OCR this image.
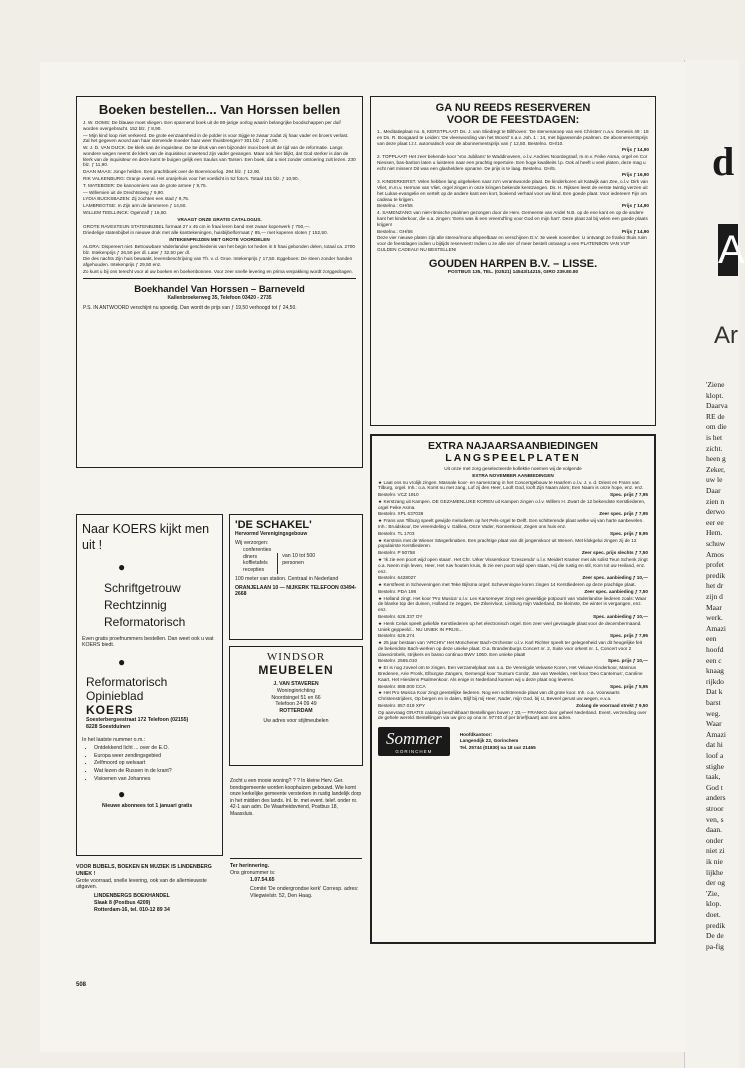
d
A
Ar
'Ziene
klopt.
Daarva
RE de
om die
is het
zicht.
heen g
Zeker,
uw le
Daar
zien n
derwo
eer ee
Hem.
schuw
Amos
profet
predik
het dr
zijn d
Maar
werk.
Amazi
een
hoofd
een c
knaag
rijkdo
Dat k
barst
weg.
Waar
Amazi
dat hi
loof a
stighe
taak,
God t
anders
stroor
ven, s
daan.
onder
niet zi
ik nie
lijkhe
der og
'Zie,
klop.
doet.
predik
De de
pa-fig
Boeken bestellen... Van Horssen bellen
J. W. OOMS: De blauwe moet vliegen. Een spannend boek uit de 80-jarige oorlog waarin belangrijke boodschappen per duif worden overgebracht. 152 blz. ƒ 8,90.
— Mijn kind loop niet verkeerd. De grote eenzaamheid in de polder is voor Sijgje te zwaar zodat zij haar vader en broers verlast. Zal het gegeven woord aan haar stervende moeder haar weer thuisbrengen? 301 blz. ƒ 14,90.
W. J. D. VAN DIJCK. De klerk van de inquisiteur. De 5e druk van een bijzonder mooi boek uit de tijd van de reformatie. Langs wondere wegen neemt de klerk van de inquisiteur onwetend zijn vader gevangen. Maar ook hier blijkt, dat God sterker is dan de klerk van de inquisiteur en deze komt te buigen gelijk een Saulus van Tarsen. Een boek, dat u niet zonder ontroering zult lezen. 230 blz. ƒ 11,90.
DAAN MAAS: Jonge helden. Een prachtboek over de Boerenoorlog. 294 blz. ƒ 12,90.
RIK VALKENBURG: Oranje overal. Het oranjehuis voor het voetlicht in 52 foto's. Totaal 151 blz. ƒ 10,90.
T. MATEBOER: De kannonniers van de grote armee ƒ 9,75.
— Willemien uit de Drechtsteeg ƒ 9,90.
LYDIA BUCKSBAZEN: Zij zochten een stad ƒ 9,75.
LAMBREGTSE: In Zijn arm de lammeren ƒ 14,50.
WILLEM TEELLINCK: Ogenzalf ƒ 16,50.
VRAAGT ONZE GRATIS CATALOGUS.
GROTE RAVESTEIJN STATENBIJBEL formaat 27 x 45 cm in fraai leren band met zwaar koperwerk ƒ 750,—.
Driedelige statenbijbel in nieuwe druk met alle kanttekeningen, huisbijbelformaat ƒ 85,— met koperen sloten ƒ 152,50.
INTEKENPRIJZEN MET GROTE VOORDELEN
ALGRA: Dispereert niet. Betrouwbare Vaderlandse geschiedenis van het begin tot heden in 5 fraai gebonden delen, totaal ca. 2700 blz. Intekenprijs ƒ 26,50 per dl. Later ƒ 32,50 per dl.
Die des nachts Zijn huis bewaakt, levensbeschrijving van Th. v. d. Groe. Intekenprijs ƒ 17,50. Eggeboen: De steen zonder handen afgehouden. Intekenprijs ƒ 29,50 enz.
Zo kunt u bij ons terecht voor al uw boeken en boekenbonnen. Voor zeer snelle levering en prima verpakking wordt zorggedragen.
Boekhandel Van Horssen – Barneveld
Kallenbroekerweg 35, Telefoon 03420 - 2735
P.S. IN ANTWOORD verschijnt nu spoedig. Dan wordt de prijs van ƒ 19,50 verhoogd tot ƒ 24,50.
GA NU REEDS RESERVEREN
VOOR DE FEESTDAGEN:
1.. Meditatieplaat no. 6, KERSTPLAAT! Ds. J. van Sliedregt te Bilthoven: 'De stervenaroep van een Christen' n.a.v. Genesis 49 : 18 en Ds. R. Boogaard te Leiden: 'De vleeswording van het Woord' n.a.v. Joh. 1 : 14, met bijpassende psalmen. De abonnementsprijs van deze plaat t.z.t. automatisch voor de abonnementsprijs van ƒ 12,50. Bestelno. GH/10.
Prijs ƒ 14,90
2. TOPPLAAT! Het zeer bekende koor 'Vox Jubilans' te Waddinxveen, o.l.v. Andries Noordegraaf, m.m.v. Feike Asma, orgel en Cor Niessen, bas-bariton laten u luisteren naar een prachtig repertoire. Een hoge kwaliteits l.p. Ook al heeft u veel platen, deze mag u echt niet missen! Dit was een glasheldere opname. De prijs is te laag. Bestelno. GH/5.
Prijs ƒ 16,90
3. KINDERKERST. Velen hebben lang uitgekeken naar zo'n verantwoorde plaat. De kinderkoren uit Katwijk aan Zee, o.l.v. Dirk van Vliet, m.m.v. Herman van Vliet, orgel zingen in onze kringen bekende kerstzangen. Ds. H. Rijksen leest de eerste twintig verzen uit het Lukas-evangelie en vertelt op de andere kant een kort, boeiend verhaal voor uw kind. Een goede plaat. Voor iedereen! Fijn om cadeau te krijgen.
Bestelno.: GH/55	Prijs ƒ 14,90
4. SAMENZANG van niet-ritmische psalmen gezongen door de Herv. Gemeente van Andel N.B. op de ene kant en op de andere kant het kinderkoor, die o.a. zingen: 'Eens was ik een vreemd'ling voor God en mijn hart'. Deze plaat zal bij velen een goede plaats krijgen!
Bestelno.: GH/56	Prijs ƒ 14,90
Deze vier nieuwe platen zijn alle stereo/mono afspeelbaar en verschijnen D.V. 3e week november. U ontvangt ze franko thuis ruim voor de feestdagen indien u bijtijds reserveert! Indien u ze alle vier of meer bestelt ontvangt u een PLATENBON VAN VIJF GULDEN CADEAU! NU BESTELLEN!
GOUDEN HARPEN B.V. – LISSE.
POSTBUS 135, TEL. (02521) 14543/14215, GIRO 239.80.80
EXTRA NAJAARSAANBIEDINGEN
LANGSPEELPLATEN
Uit onze met zorg geselecteerde kollektie noemen wij de volgende
EXTRA NOVEMBER AANBIEDINGEN
★ Laat ons nu vrolijk zingen. Massale koor- en samenzang in het Concertgebouw te Haarlem o.l.v. J. v. d. Driest en Frans van Tilburg, orgel. Inh.: o.a. Komt nu met zang, Lof zij den Heer, Looft God, looft Zijn Naam alom; Een Naam is onze hope, enz. enz.
Bestelnr. VCZ 1910	Spec. prijs ƒ 7,95
★ Kerstzang uit Kampen. DE GEZAMENLIJKE KOREN uit Kampen zingen o.l.v. Willem H. Zwart de 12 bekendste Kerstliederen, orgel Feike Asma.
Bestelnr. XPL 637038	Zeer spec. prijs ƒ 7,95
★ Frans van Tilburg speelt gewijde melodieën op het Pels-orgel te Delft. Een schitterende plaat welke wij van harte aanbevelen. Inh.: Bruidskoor, De vreemdeling v. Galilea, Onze Vader, Nonnenkoor, Zegen ons huis enz.
Bestelnr. TL 1703	Spec. prijs ƒ 8,95
★ Kerstmis met de Wiener Sängerknaben. Een prachtige plaat van dit jongenskoor uit Wenen. Met klokgelui zingen zij de 12 populairste Kerstliederen.
Bestelnr. P 50758	Zeer spec. prijs slechts ƒ 7,50
★ 'Ik zie een poort wijd open staan'. Het Chr. Urker Visserskoor 'Crescendo' o.l.v. Meidert Kramer met als solist Teun Schenk zingt o.a. Neem mijn leven, Heer, Het ruw houten kruis, Ik zie een poort wijd open staan, Hij die rustig en stil, Kom tot uw Heiland, enz. enz.
Bestelnr. 6428027	Zeer spec. aanbieding ƒ 10,—
★ Kerstfeest in Scheveningen met Teke Bijlsma orgel: Scheveningse koren zingen 14 Kerstliederen op deze prachtige plaat.
Bestelnr. PDA 198	Zeer spec. aanbieding ƒ 7,50
★ Holland zingt. Het koor 'Pro Musica' o.l.v. Lex Karsemeyer zingt een geweldige potpourri van Vaderlandse liederen zoals: Waar de blanke top der duinen, Holland ze zeggen, De Zilvervloot, Limburg mijn Vaderland, De kleinste, De winter is vergangen, enz. enz.
Bestelnr. 626.337 OY	Spec. aanbieding ƒ 10,—
★ Henk Celuk speelt geliefde Kerstliederen op het electronisch orgel. Een zeer veel gevraagde plaat voor de decembermaand. Uniek geppeeld... NU UNIEK IN PRIJS...
Bestelnr. 626.274	Spec. prijs ƒ 7,95
★ 25 jaar bestaan van 'ARCHIV' Het Münchener Bach-Orchester o.l.v. Karl Richter speelt ter gelegenheid van dit heugelijke feit de bekendste Bach-werken op deze unieke plaat. O.a. Brandenburgs Concert nr. 2, Suite voor orkest nr. 1, Concert voor 2 clavecimbels, strijkers en basso continuo BWV 1060. Een unieke plaat!
Bestelnr. 2565.010	Spec. prijs ƒ 10,—
★ Er is nog zoveel om te zingen. Een verzamelplaat van o.a. De Verenigde Veluwse Koren, Het Veluwe Kinderkoor, Marinus Bredenen, Arie Pronk, Elburgse Zangers, Gemengd koor 'Sursum Corda', Jan van Weelden, Het koor 'Deo Cantemus', Caroline Kaart, Het Hierdens Psalmenkoor. Als enige in Nederland kunnen wij u deze plaat nog leveren.
Bestelnr. 888.000 CCA	Spec. prijs ƒ 5,95
★ Het Pro Musica Koor zingt geestelijke liederen. Nog een schitterende plaat van dit grote koor. Inh. o.a. Voorwaarts Christenstrijders, Op bergen en in dalen, Blijf bij mij Heer, Nader, mijn God, bij U, Beveel gerust uw wegen, e.v.a.
Bestelnr. 857.019 XPY	Zolang de voorraad strekt ƒ 9,50
Op aanvraag GRATIS catalogi beschikbaar! Bestellingen boven ƒ 20,— FRANKO door geheel Nederland. Event. verzending over de gehele wereld. Bestellingen via uw giro op ona nr. 97740 of per brief(kaart) aan ons adres.
Sommer
GORINCHEM
Hoofdkantoor:
Langendijk 22, Gorinchem
Tel. 25744 (01830) na 18 uur 21465
Naar KOERS kijkt men uit !
●
Schriftgetrouw
Rechtzinnig
Reformatorisch
Even gratis proefnummers bestellen. Dan weet ook u wat KOERS biedt.
●
Reformatorisch
Opinieblad
KOERS
Soesterbergsestraat 172 Telefoon (02155) 8228 Soestduinen
In het laatste nummer o.m.:
• Ontdekkend licht ... over de E.O.
• Europa weer zendingsgebied
• Zelfmoord op welvaart
• Wat lezen de Russen in de krant?
• Visioenen van Johannes
●
Nieuwe abonnees tot 1 januari gratis
'DE SCHAKEL'
Hervormd Verenigingsgebouw
Wij verzorgen:
conferenties
diners
koffietafels
recepties
van 10 tot 500 personen
100 meter van station. Centraal in Nederland
ORANJELAAN 10 — NIJKERK TELEFOON 03494-2668
WINDSOR
MEUBELEN
J. VAN STAVEREN
Woninginrichting
Noordsingel 51 en 66
Telefoon 24 09 49
ROTTERDAM
Uw adres voor stijlmeubelen
Zocht u een mooie woning? ? ? In kleine Herv. Ger. bondsgemeente worden koophuizen gebouwd. Wie komt onze kerkelijke gemeente versterken in rustig landelijk dorp in het midden des lands. Inl. br. met event. telef. onder nr. 42-1 aan adm. De Waarheidsvriend, Postbus 18, Maassluis.
Ter herinnering.
Ons gironummer is:
1.07.54.65
Comité 'De ondergrondse kerk' Corresp. adres: Vliegwielstr. 52, Den Haag.
VOOR BIJBELS, BOEKEN EN MUZIEK IS LINDENBERG UNIEK !
Grote voorraad, snelle levering, ook van de allernieuwste uitgaven.
LINDENBERGS BOEKHANDEL
Slaak 8 (Postbus 4209)
Rotterdam-16, tel. 010-12 89 34
508
